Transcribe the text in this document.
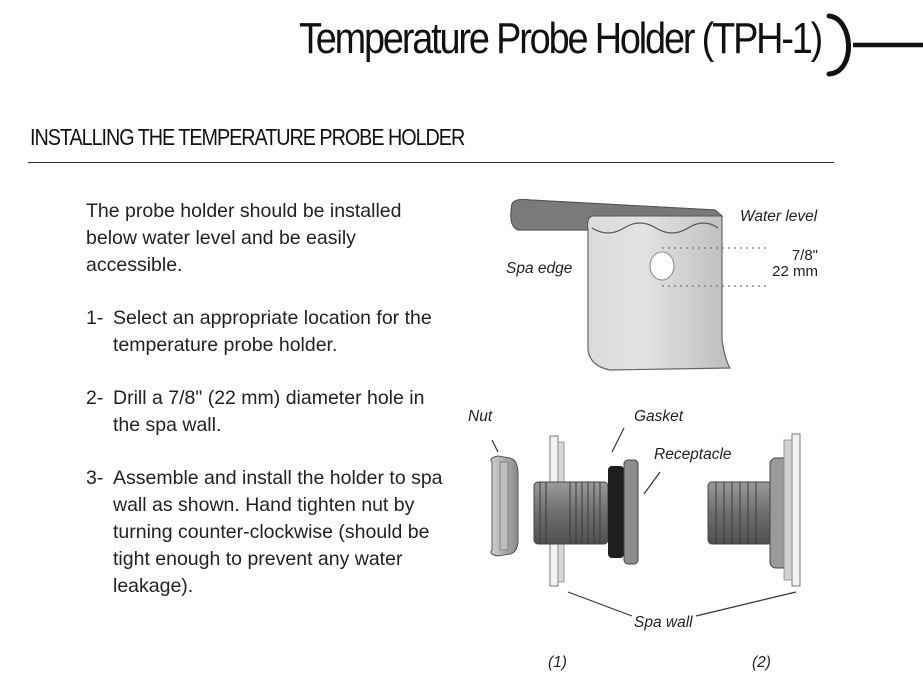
Temperature Probe Holder (TPH-1)
INSTALLING THE TEMPERATURE PROBE HOLDER

The probe holder should be installed below water level and be easily accessible.

1- Select an appropriate location for the temperature probe holder.
2- Drill a 7/8" (22 mm) diameter hole in the spa wall.
3- Assemble and install the holder to spa wall as shown. Hand tighten nut by turning counter-clockwise (should be tight enough to prevent any water leakage).
Water level
Spa edge
7/8"
22 mm
Nut	Gasket
Receptacle
Spa wall
(1)	(2)
